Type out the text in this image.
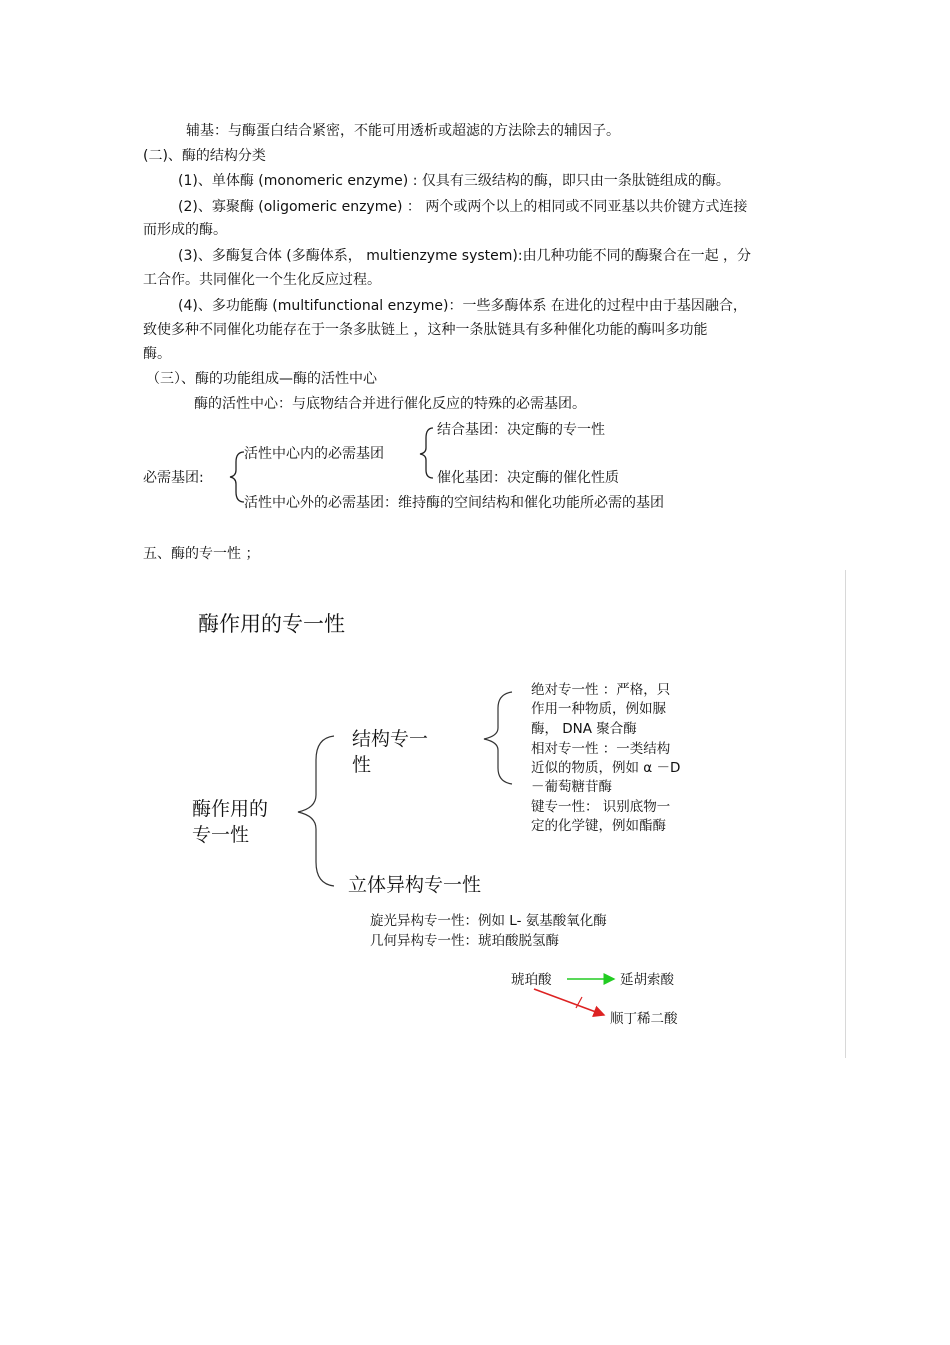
辅基：与酶蛋白结合紧密，不能可用透析或超滤的方法除去的辅因子。
(二)、酶的结构分类
(1)、单体酶 (monomeric enzyme) : 仅具有三级结构的酶，即只由一条肽链组成的酶。
(2)、寡聚酶 (oligomeric enzyme) ： 两个或两个以上的相同或不同亚基以共价键方式连接
而形成的酶。
(3)、多酶复合体 (多酶体系， multienzyme system):由几种功能不同的酶聚合在一起 ，分
工合作。共同催化一个生化反应过程。
(4)、多功能酶 (multifunctional enzyme)：一些多酶体系 在进化的过程中由于基因融合，
致使多种不同催化功能存在于一条多肽链上 ，这种一条肽链具有多种催化功能的酶叫多功能
酶。
（三）、酶的功能组成—酶的活性中心
酶的活性中心：与底物结合并进行催化反应的特殊的必需基团。
必需基团:
活性中心内的必需基团
结合基团：决定酶的专一性
催化基团：决定酶的催化性质
活性中心外的必需基团：维持酶的空间结构和催化功能所必需的基团
五、酶的专一性 ；
酶作用的专一性
酶作用的
专一性
结构专一
性
立体异构专一性
绝对专一性 ：严格，只
作用一种物质，例如脲
酶， DNA 聚合酶
相对专一性 ：一类结构
近似的物质，例如 α －D
－葡萄糖苷酶
键专一性： 识别底物一
定的化学键，例如酯酶
旋光异构专一性：例如 L- 氨基酸氧化酶
几何异构专一性：琥珀酸脱氢酶
琥珀酸	延胡索酸
顺丁稀二酸
